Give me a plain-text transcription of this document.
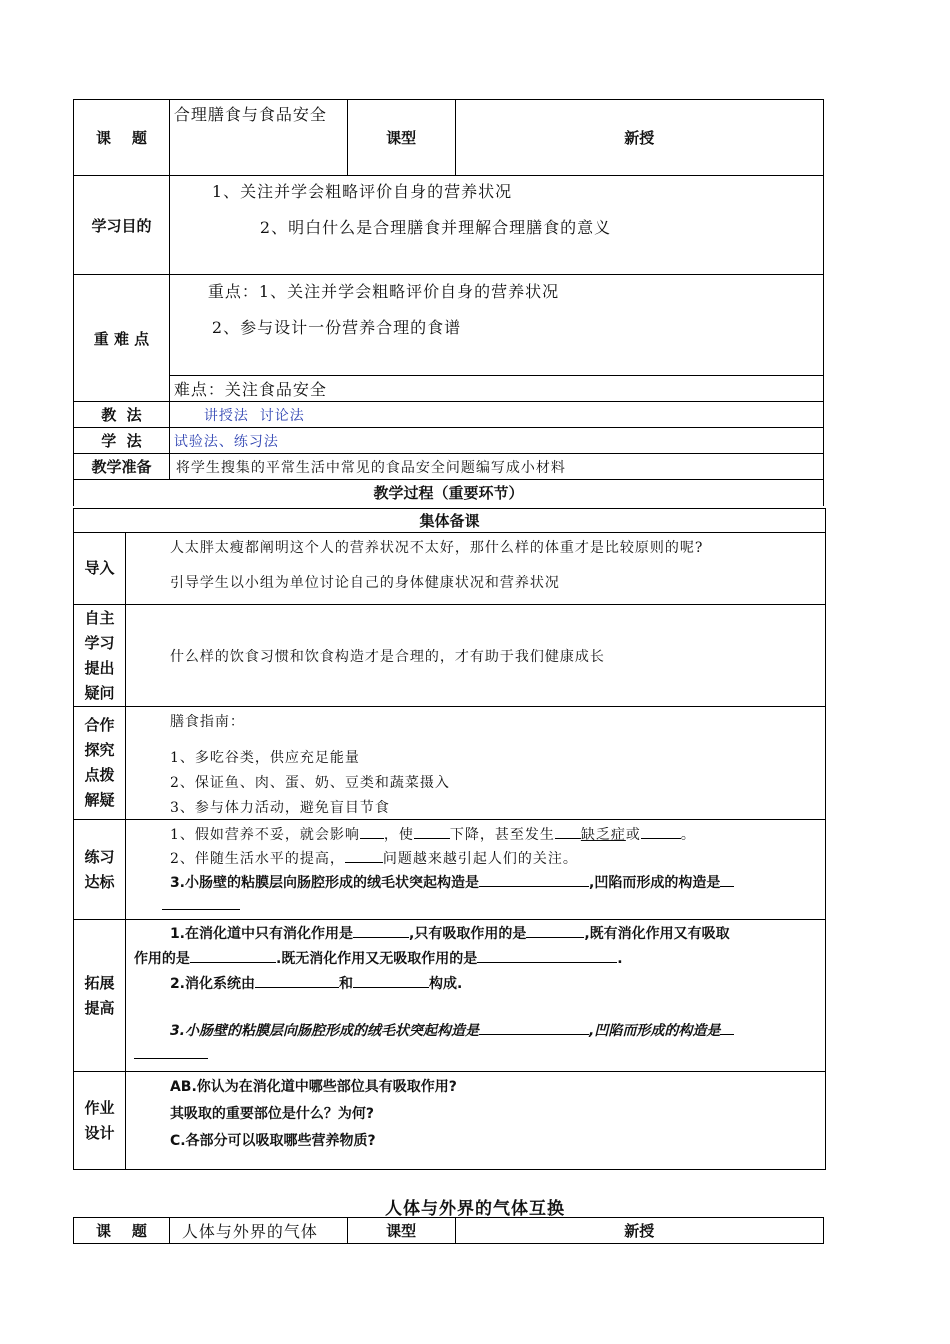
课    题	合理膳食与食品安全	课型	新授
学习目的	1、关注并学会粗略评价自身的营养状况
2、明白什么是合理膳食并理解合理膳食的意义		

重 难 点	重点：1、关注并学会粗略评价自身的营养状况
2、参与设计一份营养合理的食谱		

	难点：关注食品安全		
教  法	讲授法  讨论法		
学  法	试验法、练习法		
教学准备	将学生搜集的平常生活中常见的食品安全问题编写成小材料		
教学过程（重要环节）			
集体备课	
导入	人太胖太瘦都阐明这个人的营养状况不太好，那什么样的体重才是比较原则的呢?
引导学生以小组为单位讨论自己的身体健康状况和营养状况

自主
学习
提出
疑问	什么样的饮食习惯和饮食构造才是合理的，才有助于我们健康成长

合作
探究
点拨
解疑	膳食指南：
1、多吃谷类，供应充足能量
2、保证鱼、肉、蛋、奶、豆类和蔬菜摄入
3、参与体力活动，避免盲目节食

练习
达标	1、假如营养不妥，就会影响 ，使 下降，甚至发生 缺乏症或 。
2、伴随生活水平的提高， 问题越来越引起人们的关注。
3.小肠壁的粘膜层向肠腔形成的绒毛状突起构造是 ,凹陷而形成的构造是

拓展
提高	1.在消化道中只有消化作用是 ,只有吸取作用的是 ,既有消化作用又有吸取
作用的是 .既无消化作用又无吸取作用的是 .
2.消化系统由 和 构成.
3.小肠壁的粘膜层向肠腔形成的绒毛状突起构造是 ,凹陷而形成的构造是

作业
设计	AB.你认为在消化道中哪些部位具有吸取作用?
其吸取的重要部位是什么？为何?
C.各部分可以吸取哪些营养物质?
人体与外界的气体互换
课    题	人体与外界的气体	课型	新授
